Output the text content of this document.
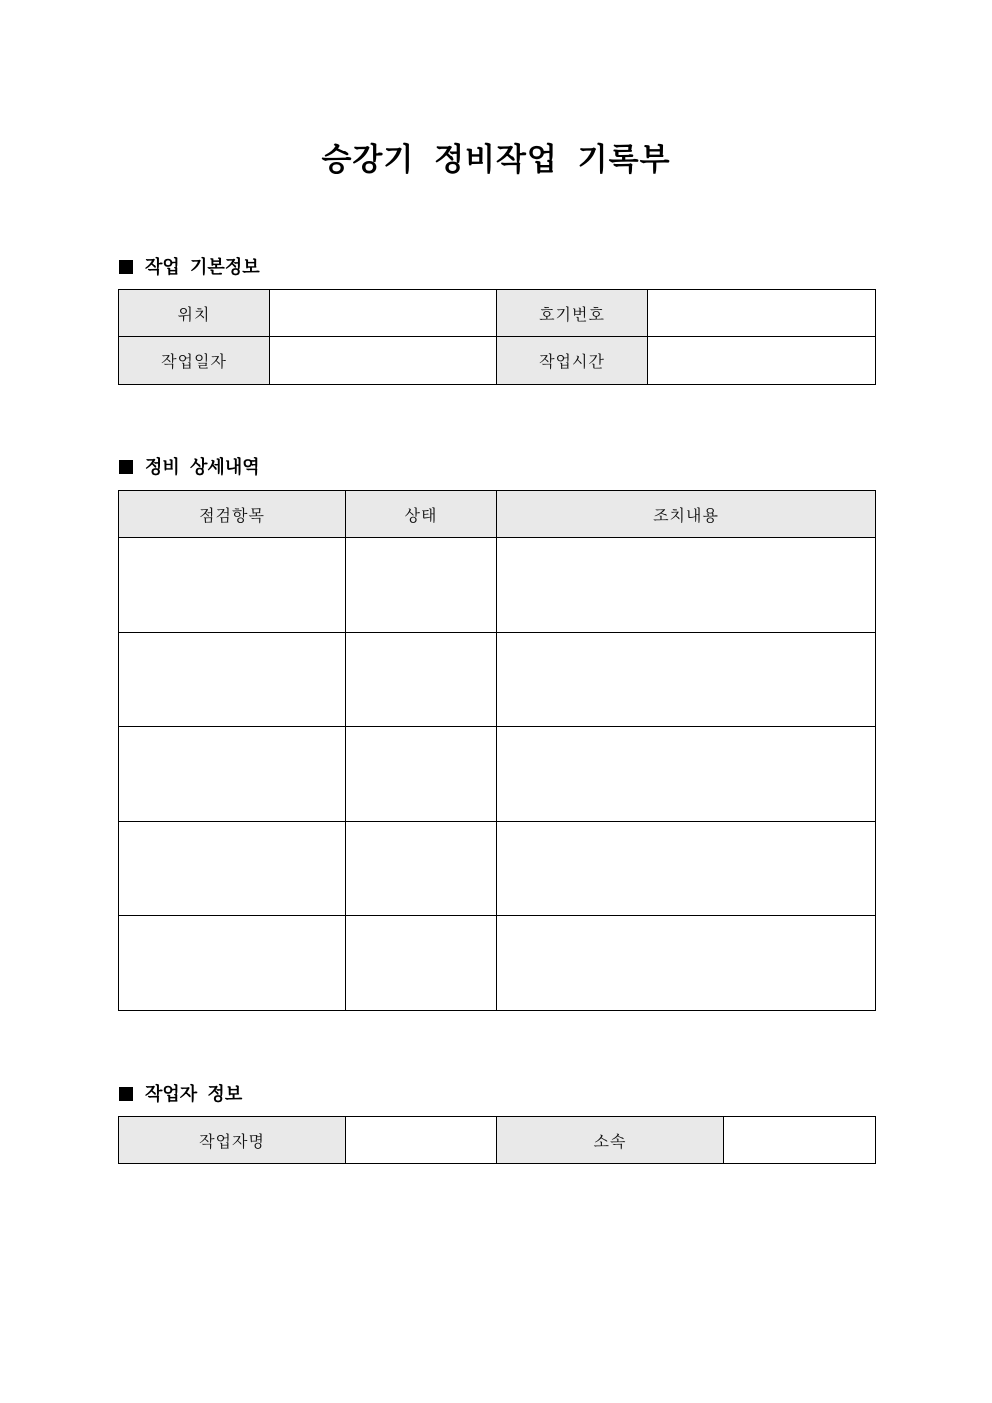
승강기 정비작업 기록부
작업 기본정보
위치		호기번호	
작업일자		작업시간	
정비 상세내역
점검항목	상태	조치내용

작업자 정보
작업자명		소속	
